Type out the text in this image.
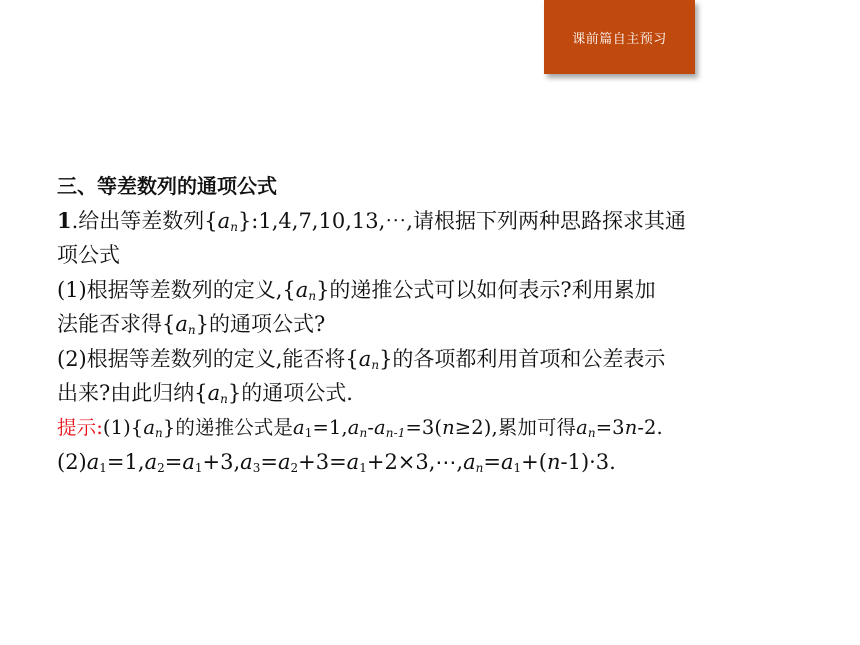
课前篇自主预习
三、等差数列的通项公式
1.给出等差数列$\{a_n\}:1,4,7,10,13,\cdots$,请根据下列两种思路探求其通
项公式
(1)根据等差数列的定义$,\{a_n\}$的递推公式可以如何表示?利用累加
法能否求得$\{a_n\}$的通项公式?
(2)根据等差数列的定义,能否将$\{a_n\}$的各项都利用首项和公差表示
出来?由此归纳$\{a_n\}$的通项公式.
提示$:(1)\{a_n\}$的递推公式是$a_1=1,a_n-a_{n-1}=3(n\ge 2)$,累加可得$a_n=3n-2$.
$(2)a_1=1,a_2=a_1+3,a_3=a_2+3=a_1+2\times 3,\cdots,a_n=a_1+(n-1)\cdot 3$.
